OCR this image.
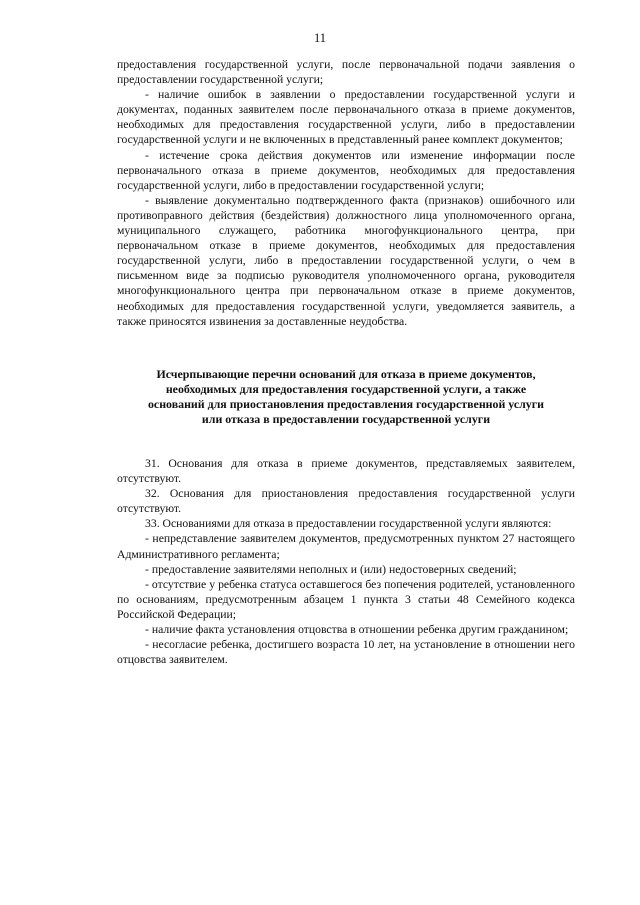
11

предоставления государственной услуги, после первоначальной подачи заявления о предоставлении государственной услуги;

- наличие ошибок в заявлении о предоставлении государственной услуги и документах, поданных заявителем после первоначального отказа в приеме документов, необходимых для предоставления государственной услуги, либо в предоставлении государственной услуги и не включенных в представленный ранее комплект документов;

- истечение срока действия документов или изменение информации после первоначального отказа в приеме документов, необходимых для предоставления государственной услуги, либо в предоставлении государственной услуги;

- выявление документально подтвержденного факта (признаков) ошибочного или противоправного действия (бездействия) должностного лица уполномоченного органа, муниципального служащего, работника многофункционального центра, при первоначальном отказе в приеме документов, необходимых для предоставления государственной услуги, либо в предоставлении государственной услуги, о чем в письменном виде за подписью руководителя уполномоченного органа, руководителя многофункционального центра при первоначальном отказе в приеме документов, необходимых для предоставления государственной услуги, уведомляется заявитель, а также приносятся извинения за доставленные неудобства.

Исчерпывающие перечни оснований для отказа в приеме документов, необходимых для предоставления государственной услуги, а также оснований для приостановления предоставления государственной услуги или отказа в предоставлении государственной услуги

31. Основания для отказа в приеме документов, представляемых заявителем, отсутствуют.

32. Основания для приостановления предоставления государственной услуги отсутствуют.

33. Основаниями для отказа в предоставлении государственной услуги являются:

- непредставление заявителем документов, предусмотренных пунктом 27 настоящего Административного регламента;

- предоставление заявителями неполных и (или) недостоверных сведений;

- отсутствие у ребенка статуса оставшегося без попечения родителей, установленного по основаниям, предусмотренным абзацем 1 пункта 3 статьи 48 Семейного кодекса Российской Федерации;

- наличие факта установления отцовства в отношении ребенка другим гражданином;

- несогласие ребенка, достигшего возраста 10 лет, на установление в отношении него отцовства заявителем.
